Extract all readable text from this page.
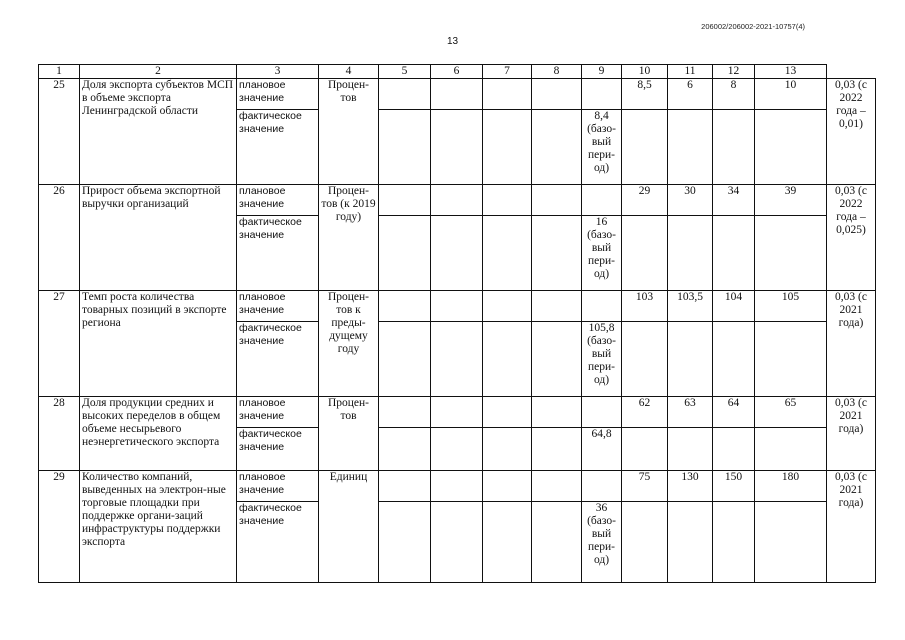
206002/206002-2021-10757(4)
13
1	2	3	4	5	6	7	8	9	10	11	12	13	
25	Доля экспорта субъектов МСП в объеме экспорта Ленинградской области	плановое значение	Процен-тов						8,5	6	8	10	0,03 (с 2022 года – 0,01)
		фактическое значение						8,4 (базо-вый пери-од)					
26	Прирост объема экспортной выручки организаций	плановое значение	Процен-тов (к 2019 году)						29	30	34	39	0,03 (с 2022 года – 0,025)
		фактическое значение						16 (базо-вый пери-од)					
27	Темп роста количества товарных позиций в экспорте региона	плановое значение	Процен-тов к преды-дущему году						103	103,5	104	105	0,03 (с 2021 года)
		фактическое значение						105,8 (базо-вый пери-од)					
28	Доля продукции средних и высоких переделов в общем объеме несырьевого неэнергетического экспорта	плановое значение	Процен-тов						62	63	64	65	0,03 (с 2021 года)
		фактическое значение						64,8					
29	Количество компаний, выведенных на электрон-ные торговые площадки при поддержке органи-заций инфраструктуры поддержки экспорта	плановое значение	Единиц						75	130	150	180	0,03 (с 2021 года)
		фактическое значение						36 (базо-вый пери-од)					
